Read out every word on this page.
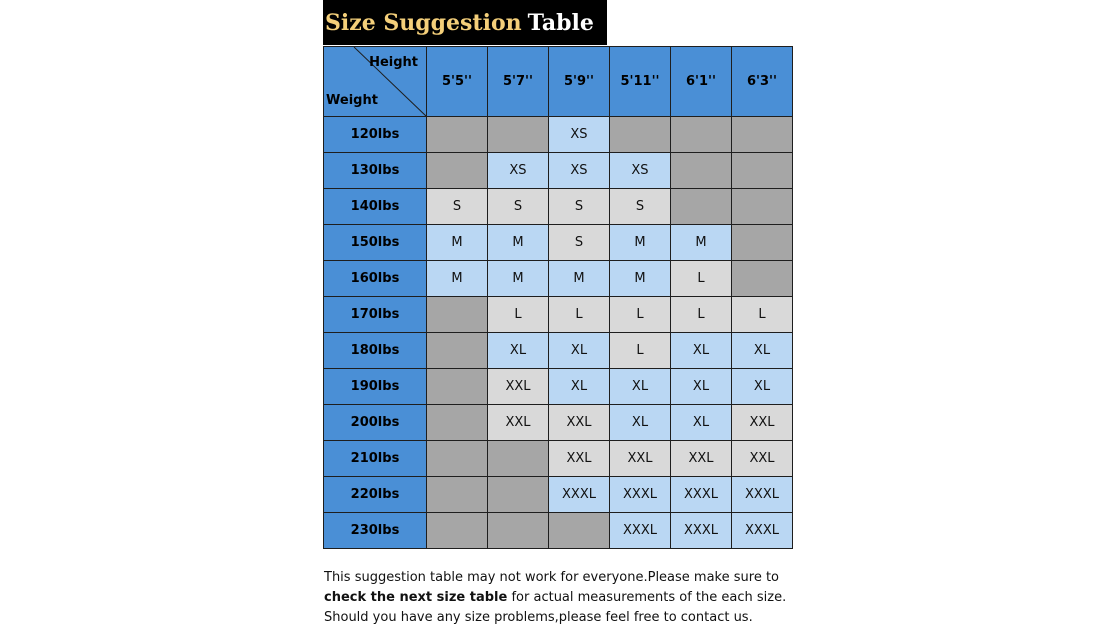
Size Suggestion Table
Height
Weight	5'5''	5'7''	5'9''	5'11''	6'1''	6'3''
120lbs			XS			
130lbs		XS	XS	XS		
140lbs	S	S	S	S		
150lbs	M	M	S	M	M	
160lbs	M	M	M	M	L	
170lbs		L	L	L	L	L
180lbs		XL	XL	L	XL	XL
190lbs		XXL	XL	XL	XL	XL
200lbs		XXL	XXL	XL	XL	XXL
210lbs			XXL	XXL	XXL	XXL
220lbs			XXXL	XXXL	XXXL	XXXL
230lbs				XXXL	XXXL	XXXL
This suggestion table may not work for everyone.Please make sure to
check the next size table for actual measurements of the each size.
Should you have any size problems,please feel free to contact us.
